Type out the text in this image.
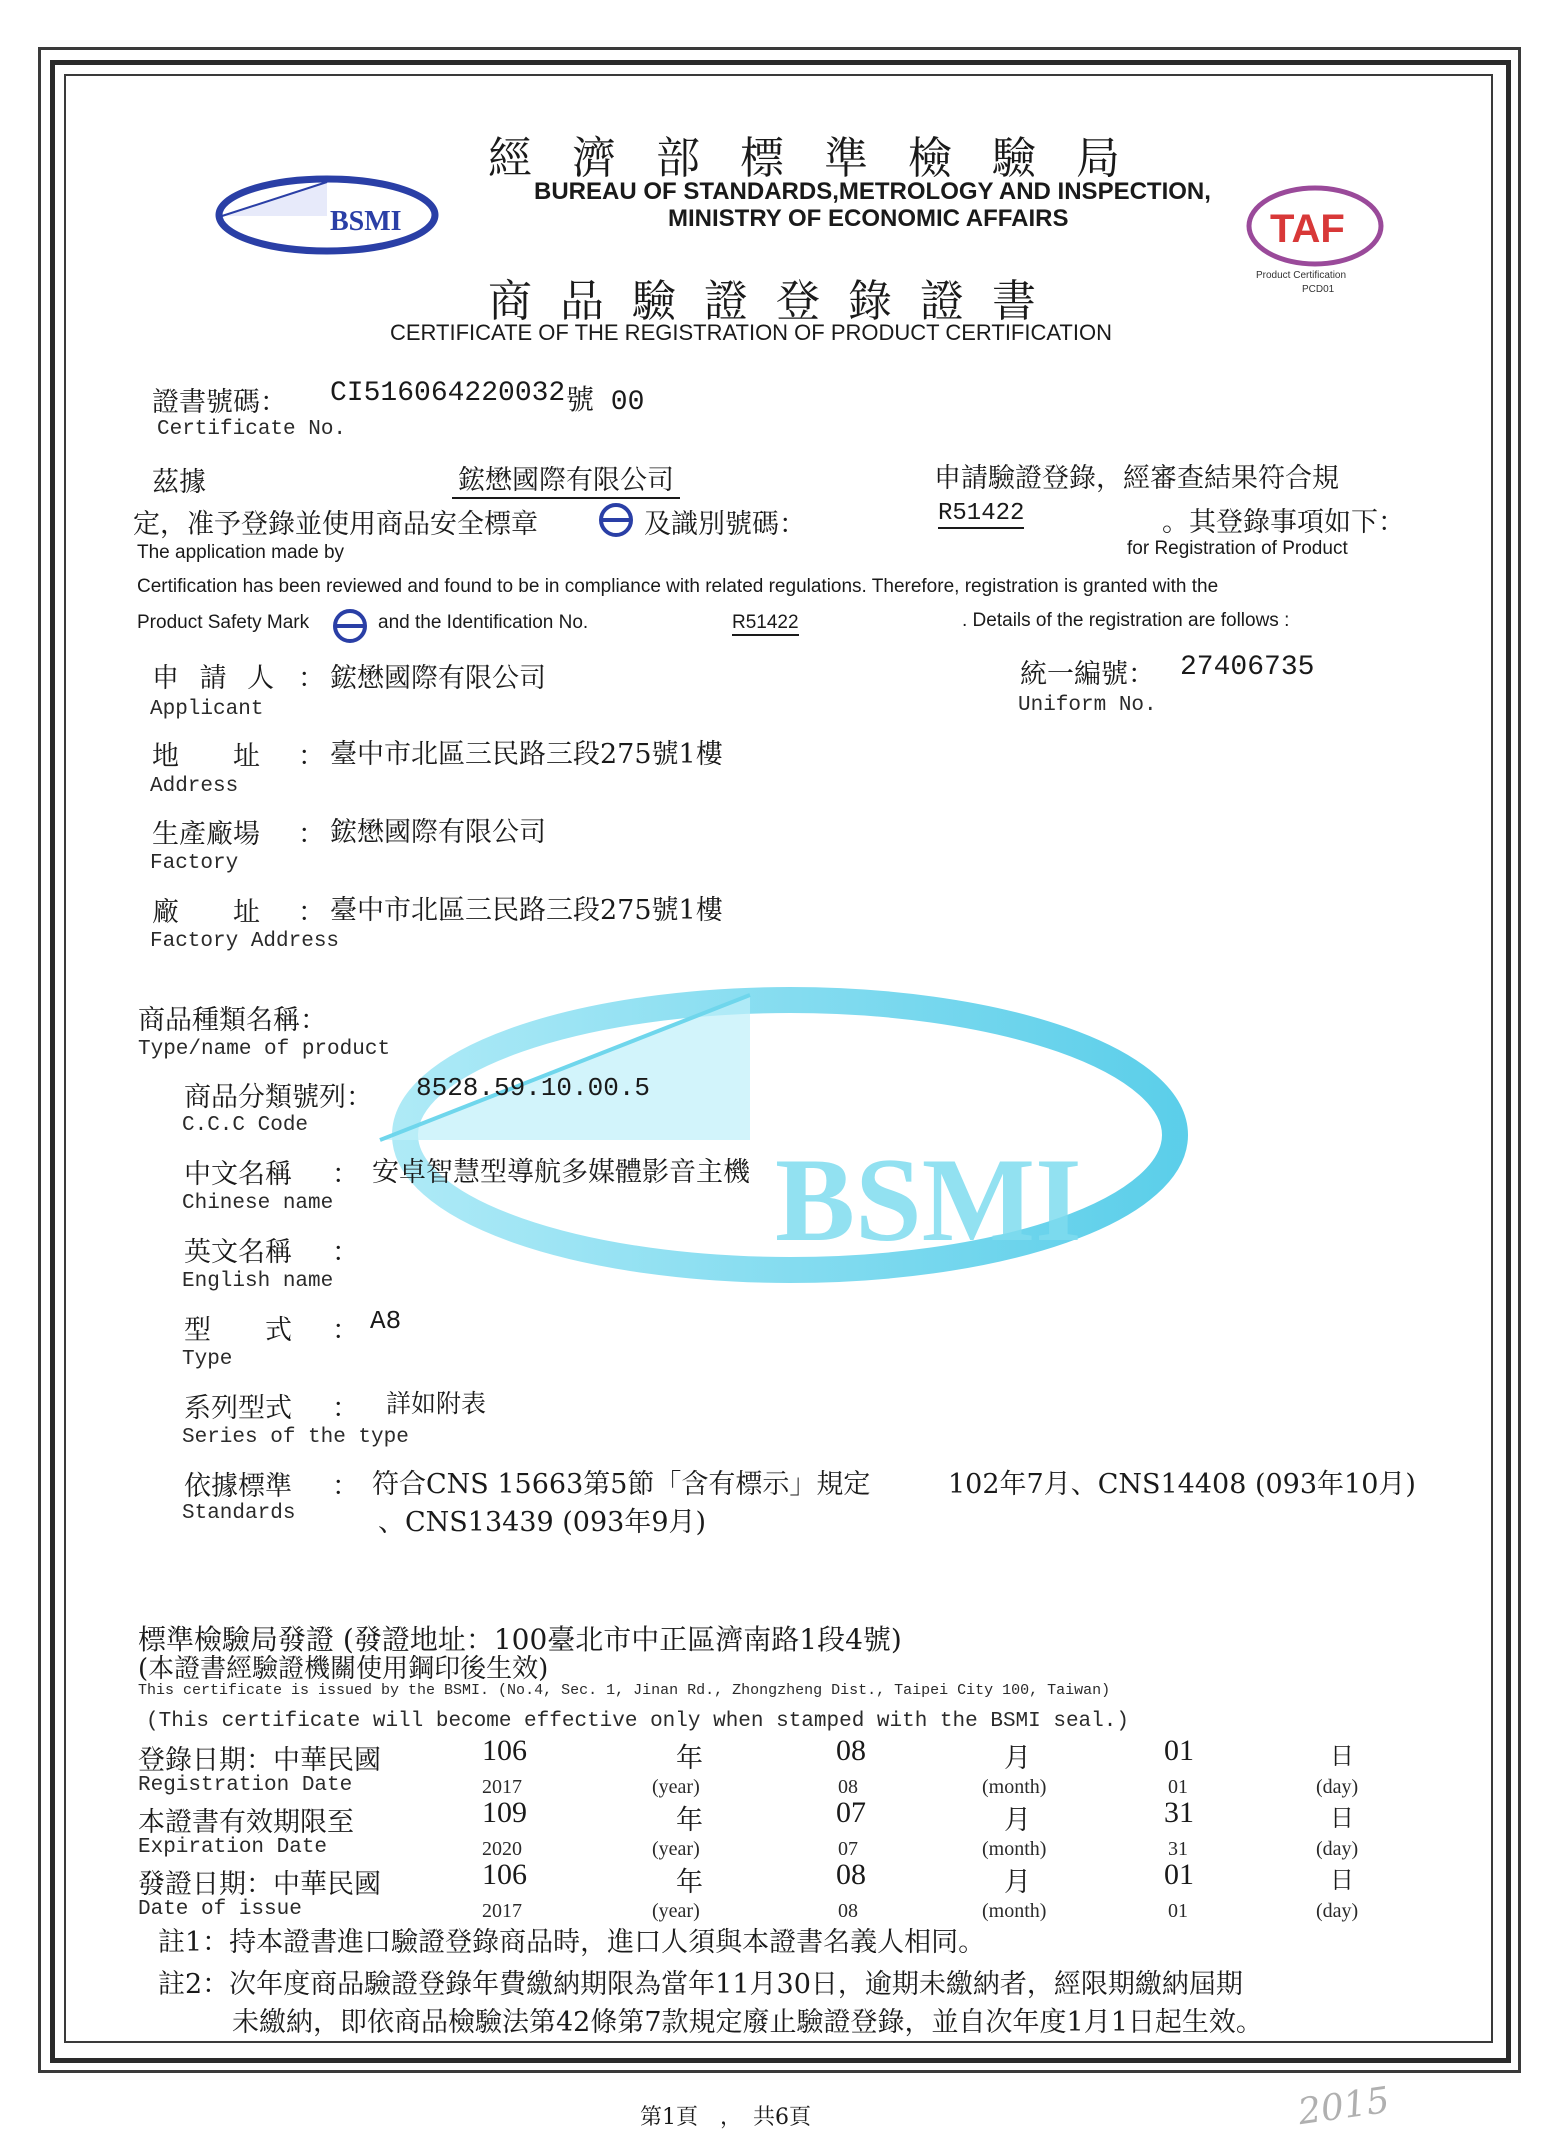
BSMI
BSMI	TAF
Product Certification
PCD01
經濟部標準檢驗局
BUREAU OF STANDARDS,METROLOGY AND INSPECTION,
MINISTRY OF ECONOMIC AFFAIRS
商品驗證登錄證書
CERTIFICATE OF THE REGISTRATION OF PRODUCT CERTIFICATION
證書號碼： CI516064220032 號 00
Certificate No.
茲據	鋐懋國際有限公司	申請驗證登錄，經審查結果符合規
定，准予登錄並使用商品安全標章	及識別號碼：	R51422	。其登錄事項如下：
The application made by	for Registration of Product
Certification has been reviewed and found to be in compliance with related regulations. Therefore, registration is granted with the
Product Safety Mark	and the Identification No.	R51422	. Details of the registration are follows :
申 請 人 ： 鋐懋國際有限公司
Applicant
統一編號： 27406735
Uniform No.
地　　址 ： 臺中市北區三民路三段275號1樓
Address
生產廠場 ： 鋐懋國際有限公司
Factory
廠　　址 ： 臺中市北區三民路三段275號1樓
Factory Address
商品種類名稱：
Type/name of product
商品分類號列： 8528.59.10.00.5
C.C.C Code
中文名稱 ： 安卓智慧型導航多媒體影音主機
Chinese name
英文名稱 ：
English name
型　　式 ： A8
Type
系列型式 ： 詳如附表
Series of the type
依據標準 ： 符合CNS 15663第5節「含有標示」規定	102年7月、CNS14408 (093年10月)
Standards	、CNS13439 (093年9月)
標準檢驗局發證 (發證地址：100臺北市中正區濟南路1段4號)
(本證書經驗證機關使用鋼印後生效)
This certificate is issued by the BSMI. (No.4, Sec. 1, Jinan Rd., Zhongzheng Dist., Taipei City 100, Taiwan)
(This certificate will become effective only when stamped with the BSMI seal.)
登錄日期：中華民國	106	年	08	月	01	日
Registration Date	2017	(year)	08	(month)	01	(day)
本證書有效期限至	109	年	07	月	31	日
Expiration Date	2020	(year)	07	(month)	31	(day)
發證日期：中華民國	106	年	08	月	01	日
Date of issue	2017	(year)	08	(month)	01	(day)
註1：持本證書進口驗證登錄商品時，進口人須與本證書名義人相同。
註2：次年度商品驗證登錄年費繳納期限為當年11月30日，逾期未繳納者，經限期繳納屆期
未繳納，即依商品檢驗法第42條第7款規定廢止驗證登錄，並自次年度1月1日起生效。
第1頁　，　共6頁	2015
